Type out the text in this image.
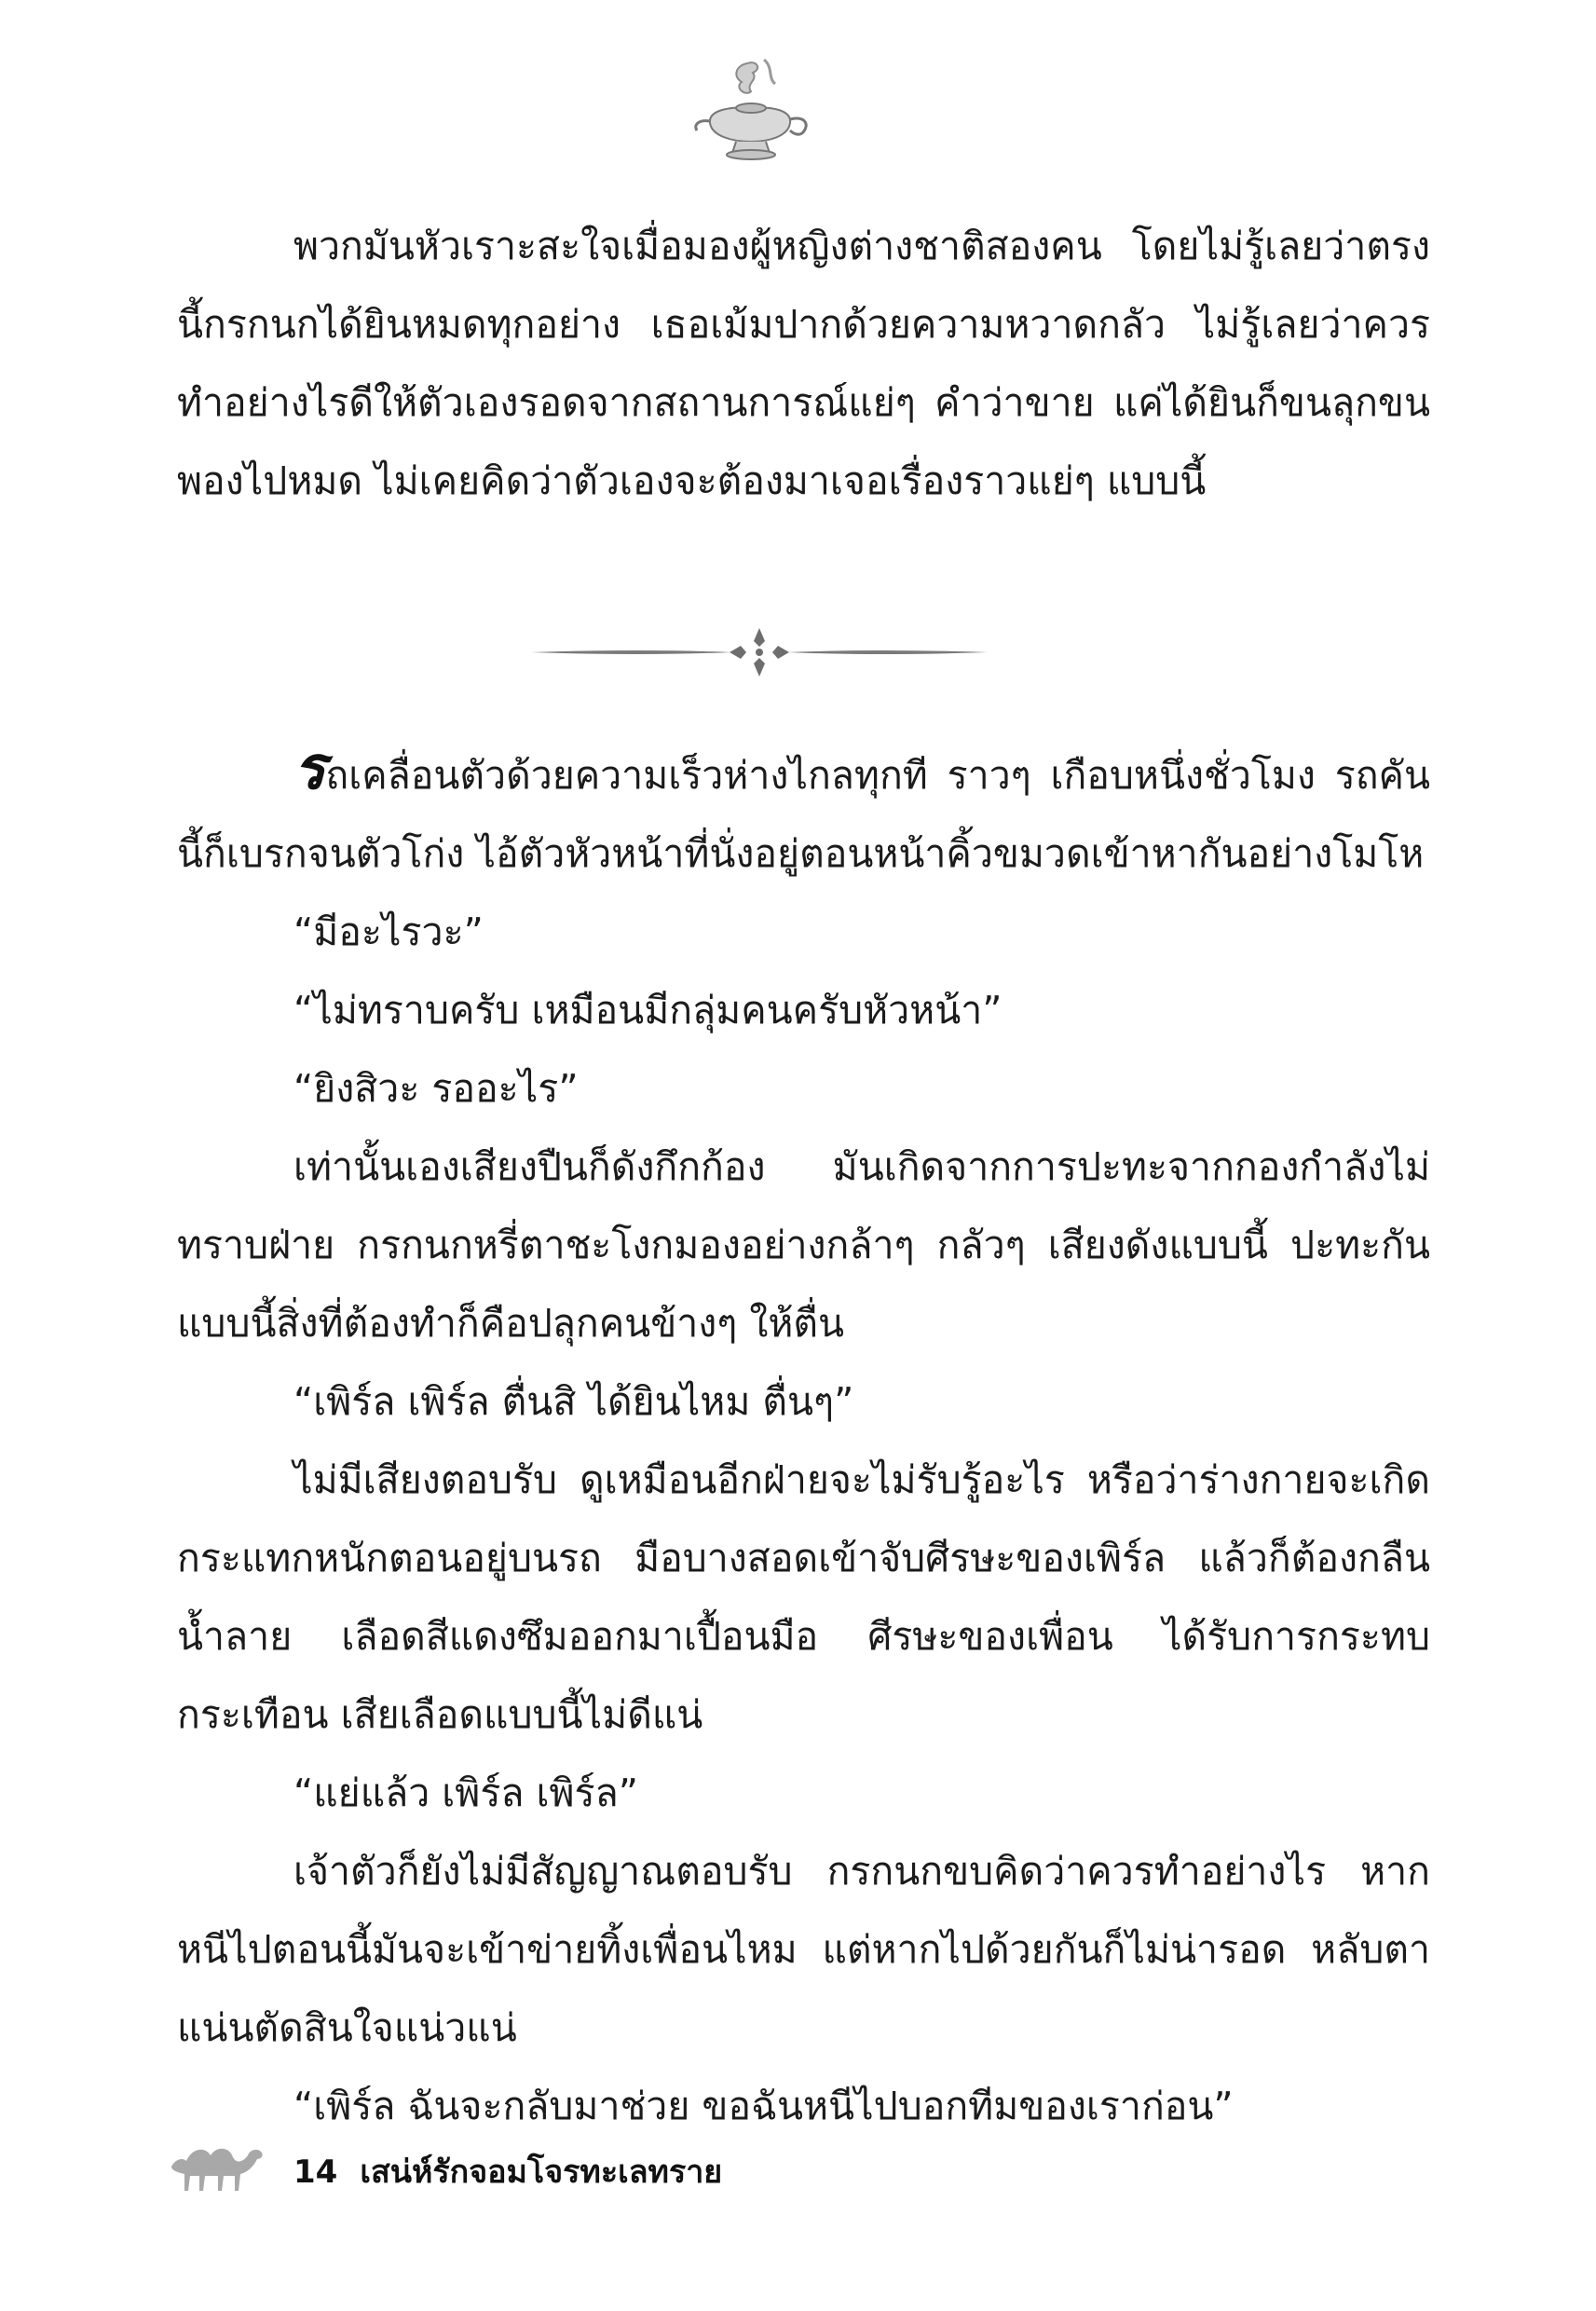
พวกมันหัวเราะสะใจเมื่อมองผู้หญิงต่างชาติสองคน โดยไม่รู้เลยว่าตรงนี้กรกนกได้ยินหมดทุกอย่าง เธอเม้มปากด้วยความหวาดกลัว ไม่รู้เลยว่าควรทำอย่างไรดีให้ตัวเองรอดจากสถานการณ์แย่ๆ คำว่าขาย แค่ได้ยินก็ขนลุกขนพองไปหมด ไม่เคยคิดว่าตัวเองจะต้องมาเจอเรื่องราวแย่ๆ แบบนี้

รถเคลื่อนตัวด้วยความเร็วห่างไกลทุกที ราวๆ เกือบหนึ่งชั่วโมง รถคันนี้ก็เบรกจนตัวโก่ง ไอ้ตัวหัวหน้าที่นั่งอยู่ตอนหน้าคิ้วขมวดเข้าหากันอย่างโมโห

“มีอะไรวะ”

“ไม่ทราบครับ เหมือนมีกลุ่มคนครับหัวหน้า”

“ยิงสิวะ รออะไร”

เท่านั้นเองเสียงปืนก็ดังกึกก้อง มันเกิดจากการปะทะจากกองกำลังไม่ทราบฝ่าย กรกนกหรี่ตาชะโงกมองอย่างกล้าๆ กลัวๆ เสียงดังแบบนี้ ปะทะกันแบบนี้สิ่งที่ต้องทำก็คือปลุกคนข้างๆ ให้ตื่น

“เพิร์ล เพิร์ล ตื่นสิ ได้ยินไหม ตื่นๆ”

ไม่มีเสียงตอบรับ ดูเหมือนอีกฝ่ายจะไม่รับรู้อะไร หรือว่าร่างกายจะเกิดกระแทกหนักตอนอยู่บนรถ มือบางสอดเข้าจับศีรษะของเพิร์ล แล้วก็ต้องกลืนน้ำลาย เลือดสีแดงซึมออกมาเปื้อนมือ ศีรษะของเพื่อน ได้รับการกระทบกระเทือน เสียเลือดแบบนี้ไม่ดีแน่

“แย่แล้ว เพิร์ล เพิร์ล”

เจ้าตัวก็ยังไม่มีสัญญาณตอบรับ กรกนกขบคิดว่าควรทำอย่างไร หากหนีไปตอนนี้มันจะเข้าข่ายทิ้งเพื่อนไหม แต่หากไปด้วยกันก็ไม่น่ารอด หลับตาแน่นตัดสินใจแน่วแน่

“เพิร์ล ฉันจะกลับมาช่วย ขอฉันหนีไปบอกทีมของเราก่อน”

14 เสน่ห์รักจอมโจรทะเลทราย
